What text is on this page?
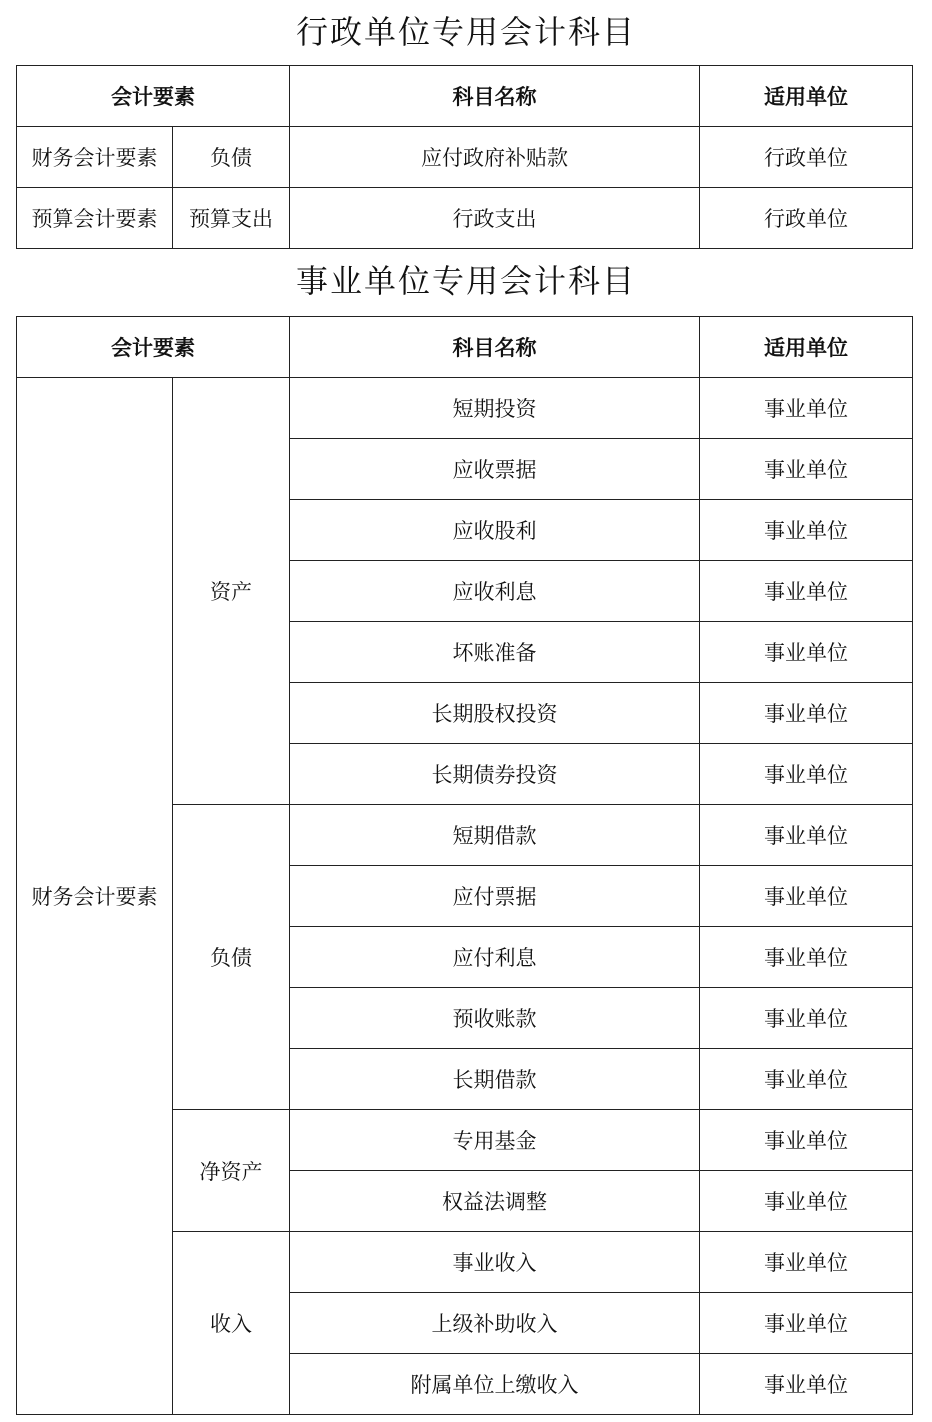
行政单位专用会计科目
会计要素		科目名称	适用单位
财务会计要素	负债	应付政府补贴款	行政单位
预算会计要素	预算支出	行政支出	行政单位
事业单位专用会计科目
会计要素		科目名称	适用单位
财务会计要素	资产	短期投资	事业单位
		应收票据	事业单位
		应收股利	事业单位
		应收利息	事业单位
		坏账准备	事业单位
		长期股权投资	事业单位
		长期债券投资	事业单位
	负债	短期借款	事业单位
		应付票据	事业单位
		应付利息	事业单位
		预收账款	事业单位
		长期借款	事业单位
	净资产	专用基金	事业单位
		权益法调整	事业单位
	收入	事业收入	事业单位
		上级补助收入	事业单位
		附属单位上缴收入	事业单位
